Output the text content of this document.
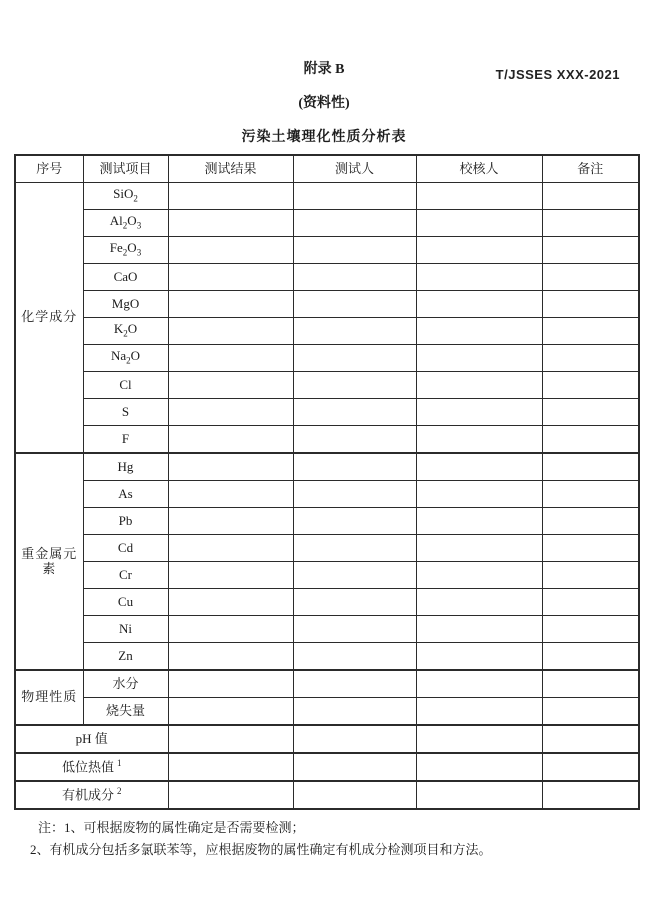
T/JSSES XXX-2021
附录 B
(资料性)
污染土壤理化性质分析表
序号	测试项目	测试结果	测试人	校核人	备注
化学成分	SiO$_2$				
	$Al_2O_3$				
	$Fe_2O_3$				
	CaO				
	MgO				
	$K_2O$				
	$Na_2O$				
	Cl				
	S				
	F				
重金属元素	Hg				
	As				
	Pb				
	Cd				
	Cr				
	Cu				
	Ni				
	Zn				
物理性质	水分				
	烧失量				
pH 值					
低位热值 $^1$				
有机成分 $^2$				
注：1、可根据废物的属性确定是否需要检测；
2、有机成分包括多氯联苯等，应根据废物的属性确定有机成分检测项目和方法。
